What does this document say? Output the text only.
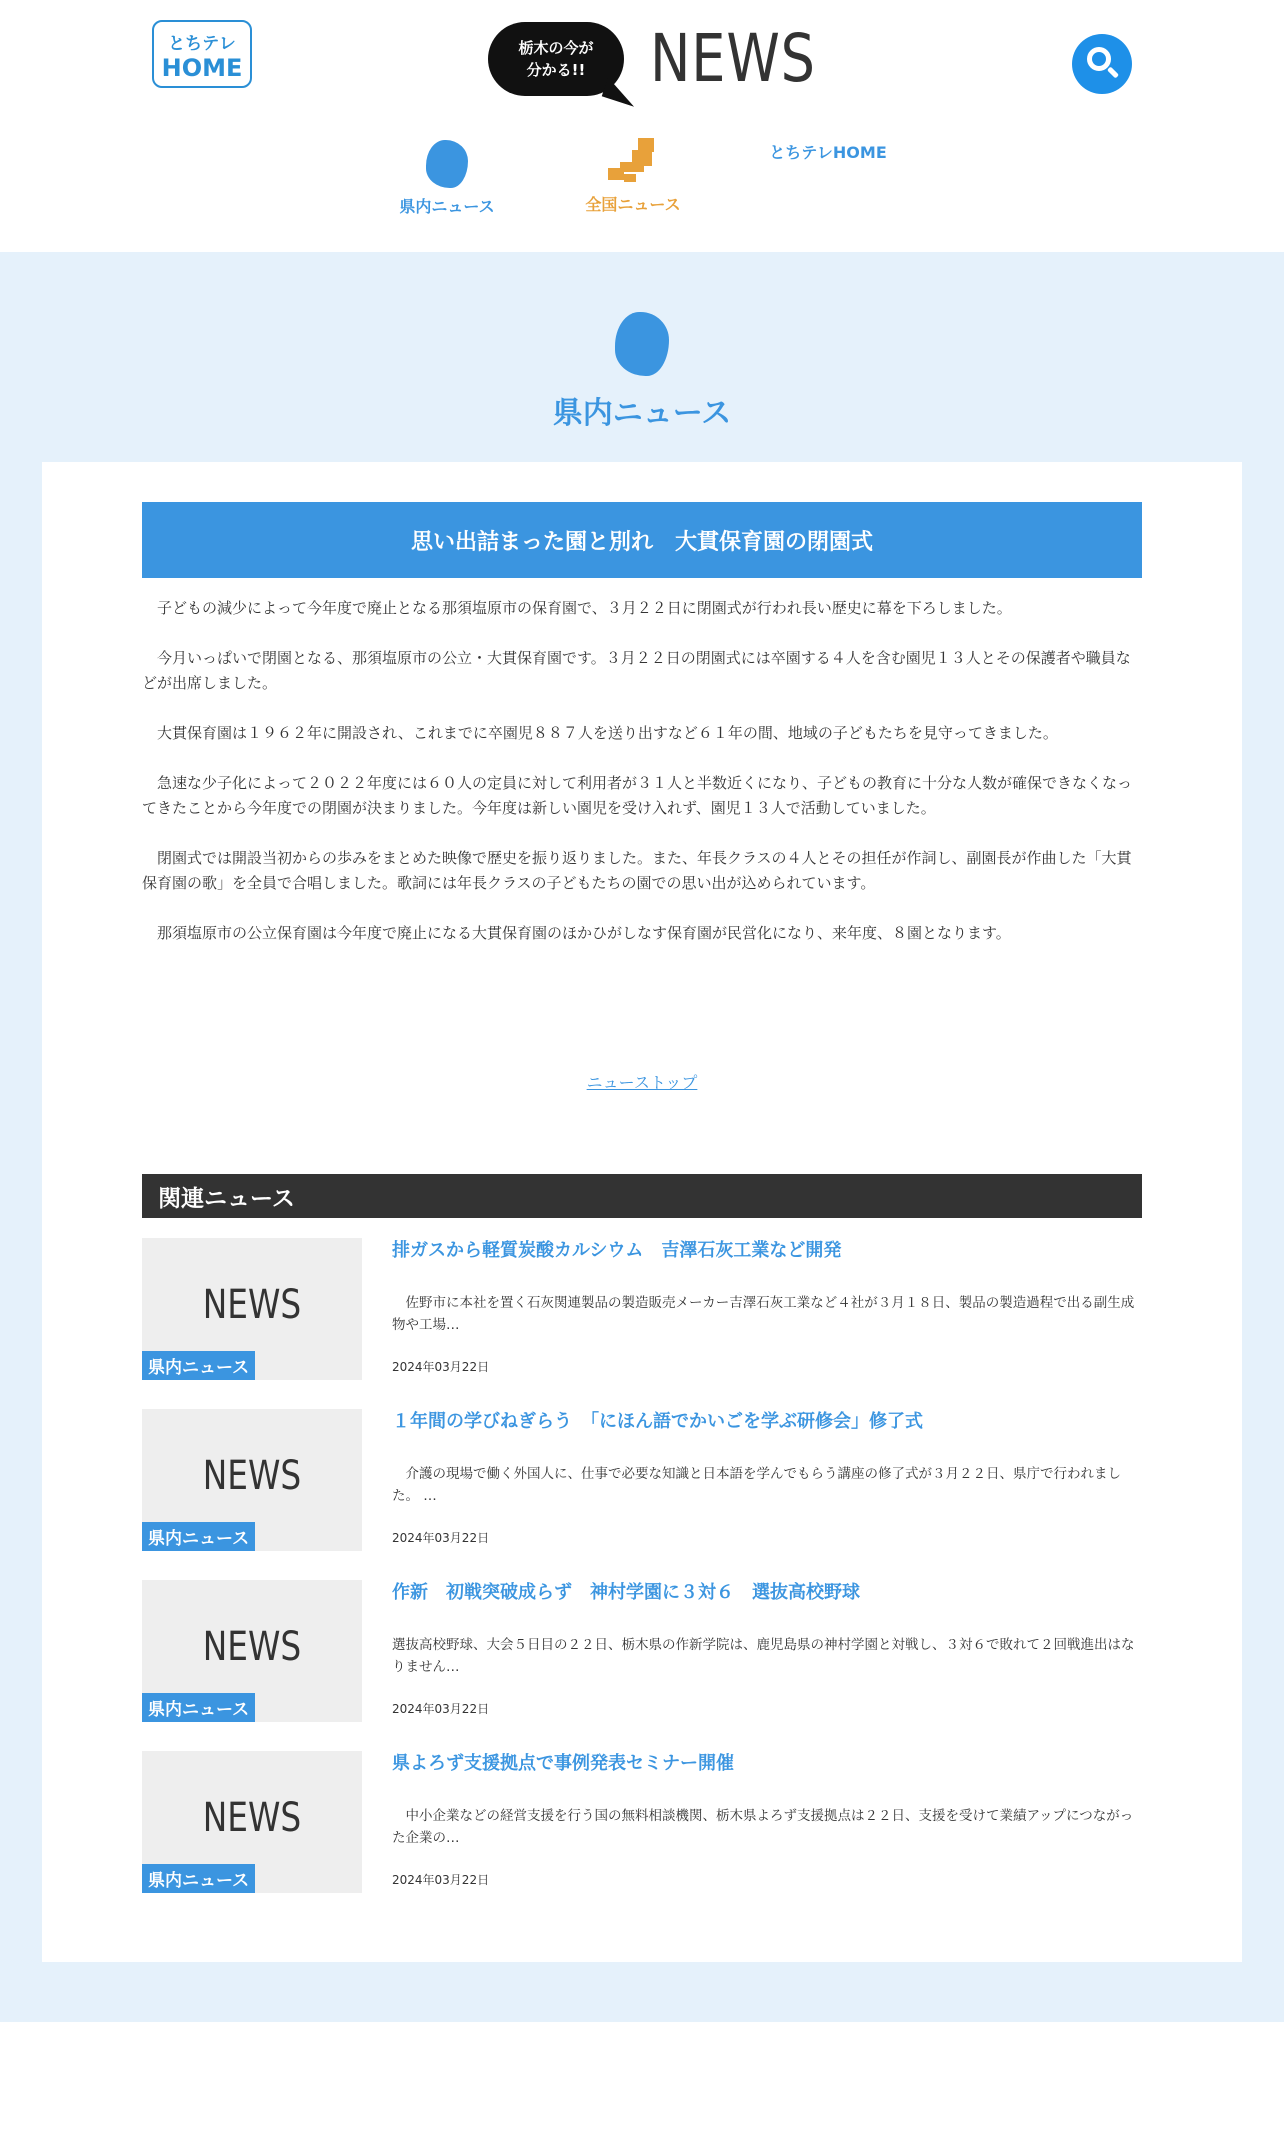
とちテレ
HOME
栃木の今が
分かる!! NEWS
県内ニュース	全国ニュース
とちテレHOME
県内ニュース
思い出詰まった園と別れ　大貫保育園の閉園式

子どもの減少によって今年度で廃止となる那須塩原市の保育園で、３月２２日に閉園式が行われ長い歴史に幕を下ろしました。

今月いっぱいで閉園となる、那須塩原市の公立・大貫保育園です。３月２２日の閉園式には卒園する４人を含む園児１３人とその保護者や職員などが出席しました。

大貫保育園は１９６２年に開設され、これまでに卒園児８８７人を送り出すなど６１年の間、地域の子どもたちを見守ってきました。

急速な少子化によって２０２２年度には６０人の定員に対して利用者が３１人と半数近くになり、子どもの教育に十分な人数が確保できなくなってきたことから今年度での閉園が決まりました。今年度は新しい園児を受け入れず、園児１３人で活動していました。

閉園式では開設当初からの歩みをまとめた映像で歴史を振り返りました。また、年長クラスの４人とその担任が作詞し、副園長が作曲した「大貫保育園の歌」を全員で合唱しました。歌詞には年長クラスの子どもたちの園での思い出が込められています。

那須塩原市の公立保育園は今年度で廃止になる大貫保育園のほかひがしなす保育園が民営化になり、来年度、８園となります。

ニューストップ
関連ニュース
NEWS
県内ニュース
排ガスから軽質炭酸カルシウム　吉澤石灰工業など開発
　佐野市に本社を置く石灰関連製品の製造販売メーカー吉澤石灰工業など４社が３月１８日、製品の製造過程で出る副生成物や工場…
2024年03月22日
NEWS
県内ニュース
１年間の学びねぎらう　「にほん語でかいごを学ぶ研修会」修了式
　介護の現場で働く外国人に、仕事で必要な知識と日本語を学んでもらう講座の修了式が３月２２日、県庁で行われました。 …
2024年03月22日
NEWS
県内ニュース
作新　初戦突破成らず　神村学園に３対６　選抜高校野球
選抜高校野球、大会５日目の２２日、栃木県の作新学院は、鹿児島県の神村学園と対戦し、３対６で敗れて２回戦進出はなりません…
2024年03月22日
NEWS
県内ニュース
県よろず支援拠点で事例発表セミナー開催
　中小企業などの経営支援を行う国の無料相談機関、栃木県よろず支援拠点は２２日、支援を受けて業績アップにつながった企業の…
2024年03月22日
